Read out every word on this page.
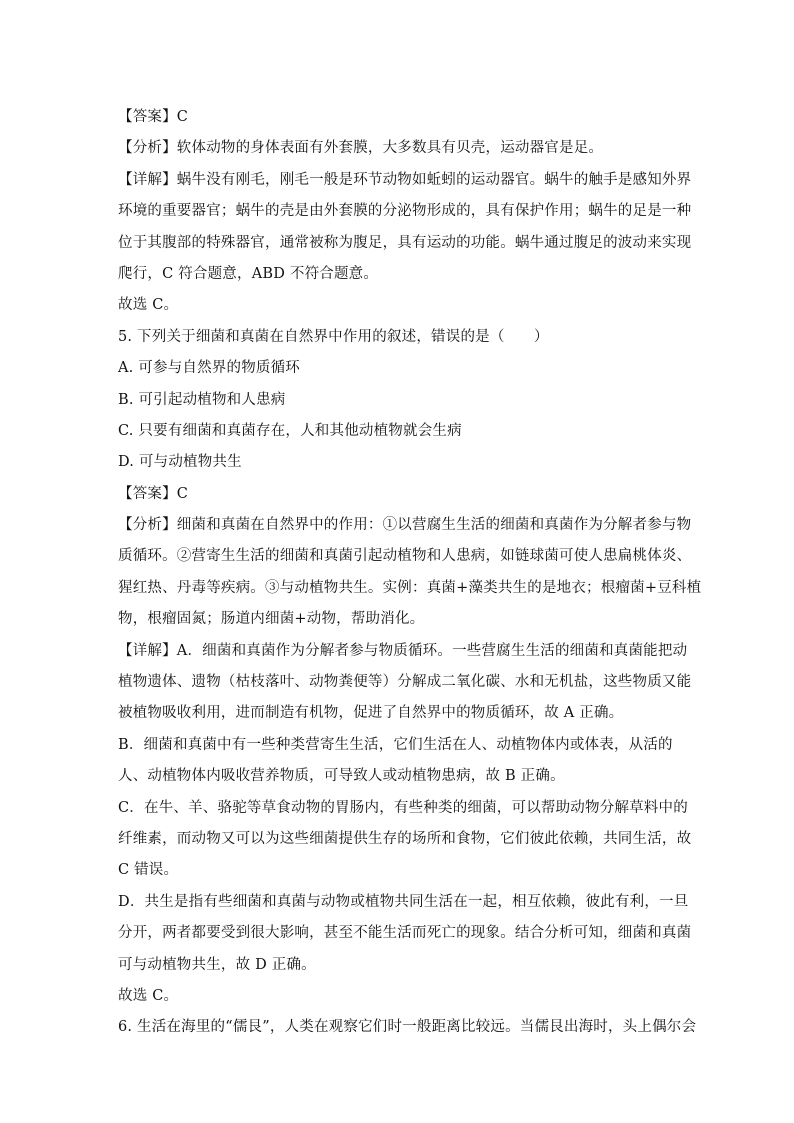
【答案】C
【分析】软体动物的身体表面有外套膜，大多数具有贝壳，运动器官是足。
【详解】蜗牛没有刚毛，刚毛一般是环节动物如蚯蚓的运动器官。蜗牛的触手是感知外界
环境的重要器官；蜗牛的壳是由外套膜的分泌物形成的，具有保护作用；蜗牛的足是一种
位于其腹部的特殊器官，通常被称为腹足，具有运动的功能。蜗牛通过腹足的波动来实现
爬行，C 符合题意，ABD 不符合题意。
故选 C。
5. 下列关于细菌和真菌在自然界中作用的叙述，错误的是（　　）
A. 可参与自然界的物质循环
B. 可引起动植物和人患病
C. 只要有细菌和真菌存在，人和其他动植物就会生病
D. 可与动植物共生
【答案】C
【分析】细菌和真菌在自然界中的作用：①以营腐生生活的细菌和真菌作为分解者参与物
质循环。②营寄生生活的细菌和真菌引起动植物和人患病，如链球菌可使人患扁桃体炎、
猩红热、丹毒等疾病。③与动植物共生。实例：真菌+藻类共生的是地衣；根瘤菌+豆科植
物，根瘤固氮；肠道内细菌+动物，帮助消化。
【详解】A．细菌和真菌作为分解者参与物质循环。一些营腐生生活的细菌和真菌能把动
植物遗体、遗物（枯枝落叶、动物粪便等）分解成二氧化碳、水和无机盐，这些物质又能
被植物吸收利用，进而制造有机物，促进了自然界中的物质循环，故 A 正确。
B．细菌和真菌中有一些种类营寄生生活，它们生活在人、动植物体内或体表，从活的
人、动植物体内吸收营养物质，可导致人或动植物患病，故 B 正确。
C．在牛、羊、骆驼等草食动物的胃肠内，有些种类的细菌，可以帮助动物分解草料中的
纤维素，而动物又可以为这些细菌提供生存的场所和食物，它们彼此依赖，共同生活，故
C 错误。
D．共生是指有些细菌和真菌与动物或植物共同生活在一起，相互依赖，彼此有利，一旦
分开，两者都要受到很大影响，甚至不能生活而死亡的现象。结合分析可知，细菌和真菌
可与动植物共生，故 D 正确。
故选 C。
6. 生活在海里的“儒艮”，人类在观察它们时一般距离比较远。当儒艮出海时，头上偶尔会
